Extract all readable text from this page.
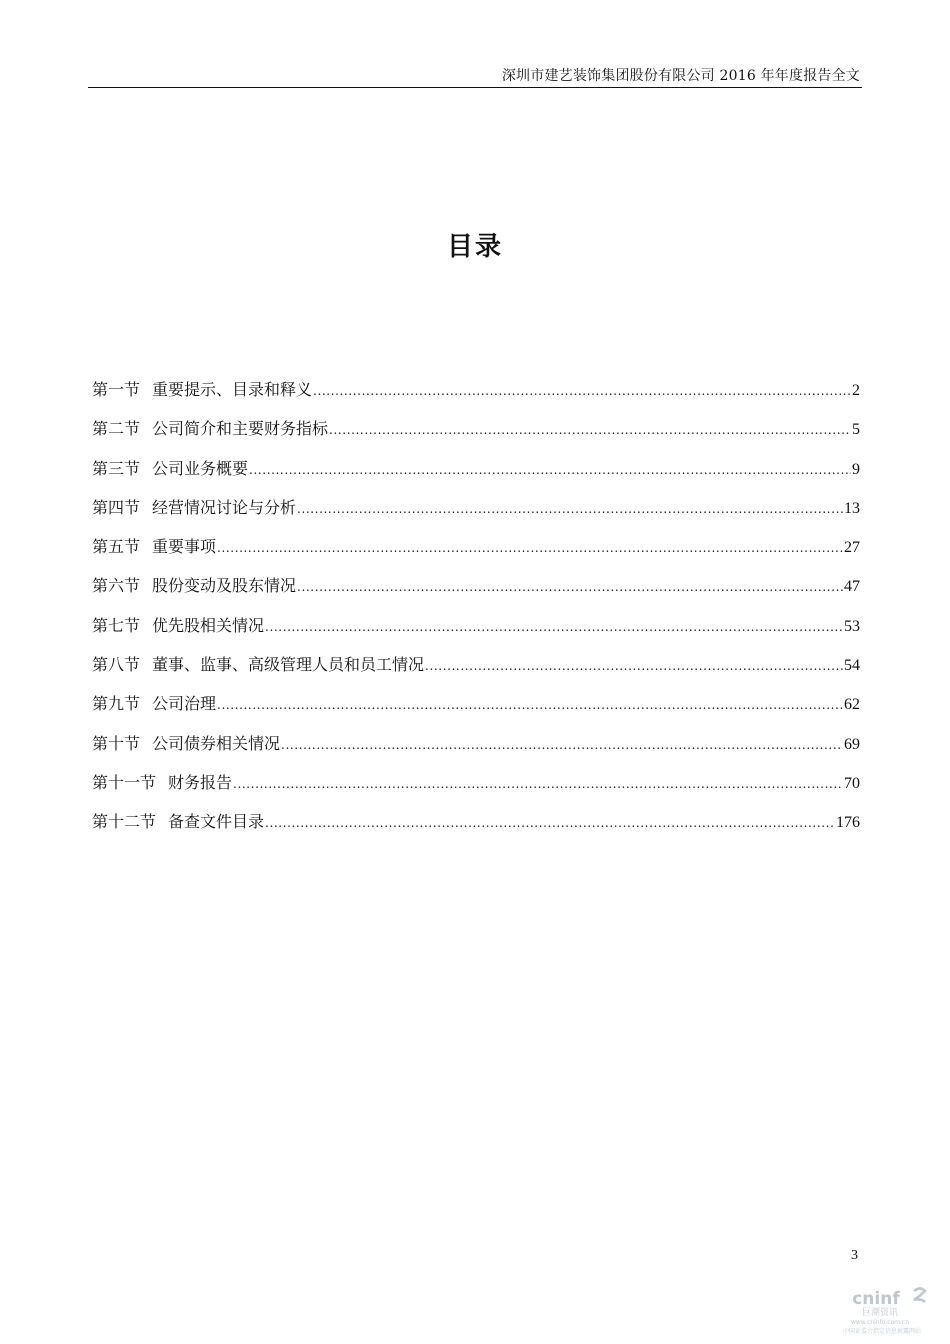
深圳市建艺装饰集团股份有限公司 2016 年年度报告全文
目录
第一节 重要提示、目录和释义 .....	2
第二节 公司简介和主要财务指标 .....	5
第三节 公司业务概要 .....	9
第四节 经营情况讨论与分析 .....	13
第五节 重要事项 .....	27
第六节 股份变动及股东情况 .....	47
第七节 优先股相关情况 .....	53
第八节 董事、监事、高级管理人员和员工情况 .....	54
第九节 公司治理 .....	62
第十节 公司债券相关情况 .....	69
第十一节 财务报告 .....	70
第十二节 备查文件目录 .....	176
3
cninf
巨潮资讯
www.cninfo.com.cn
中国证监会指定信息披露网站
